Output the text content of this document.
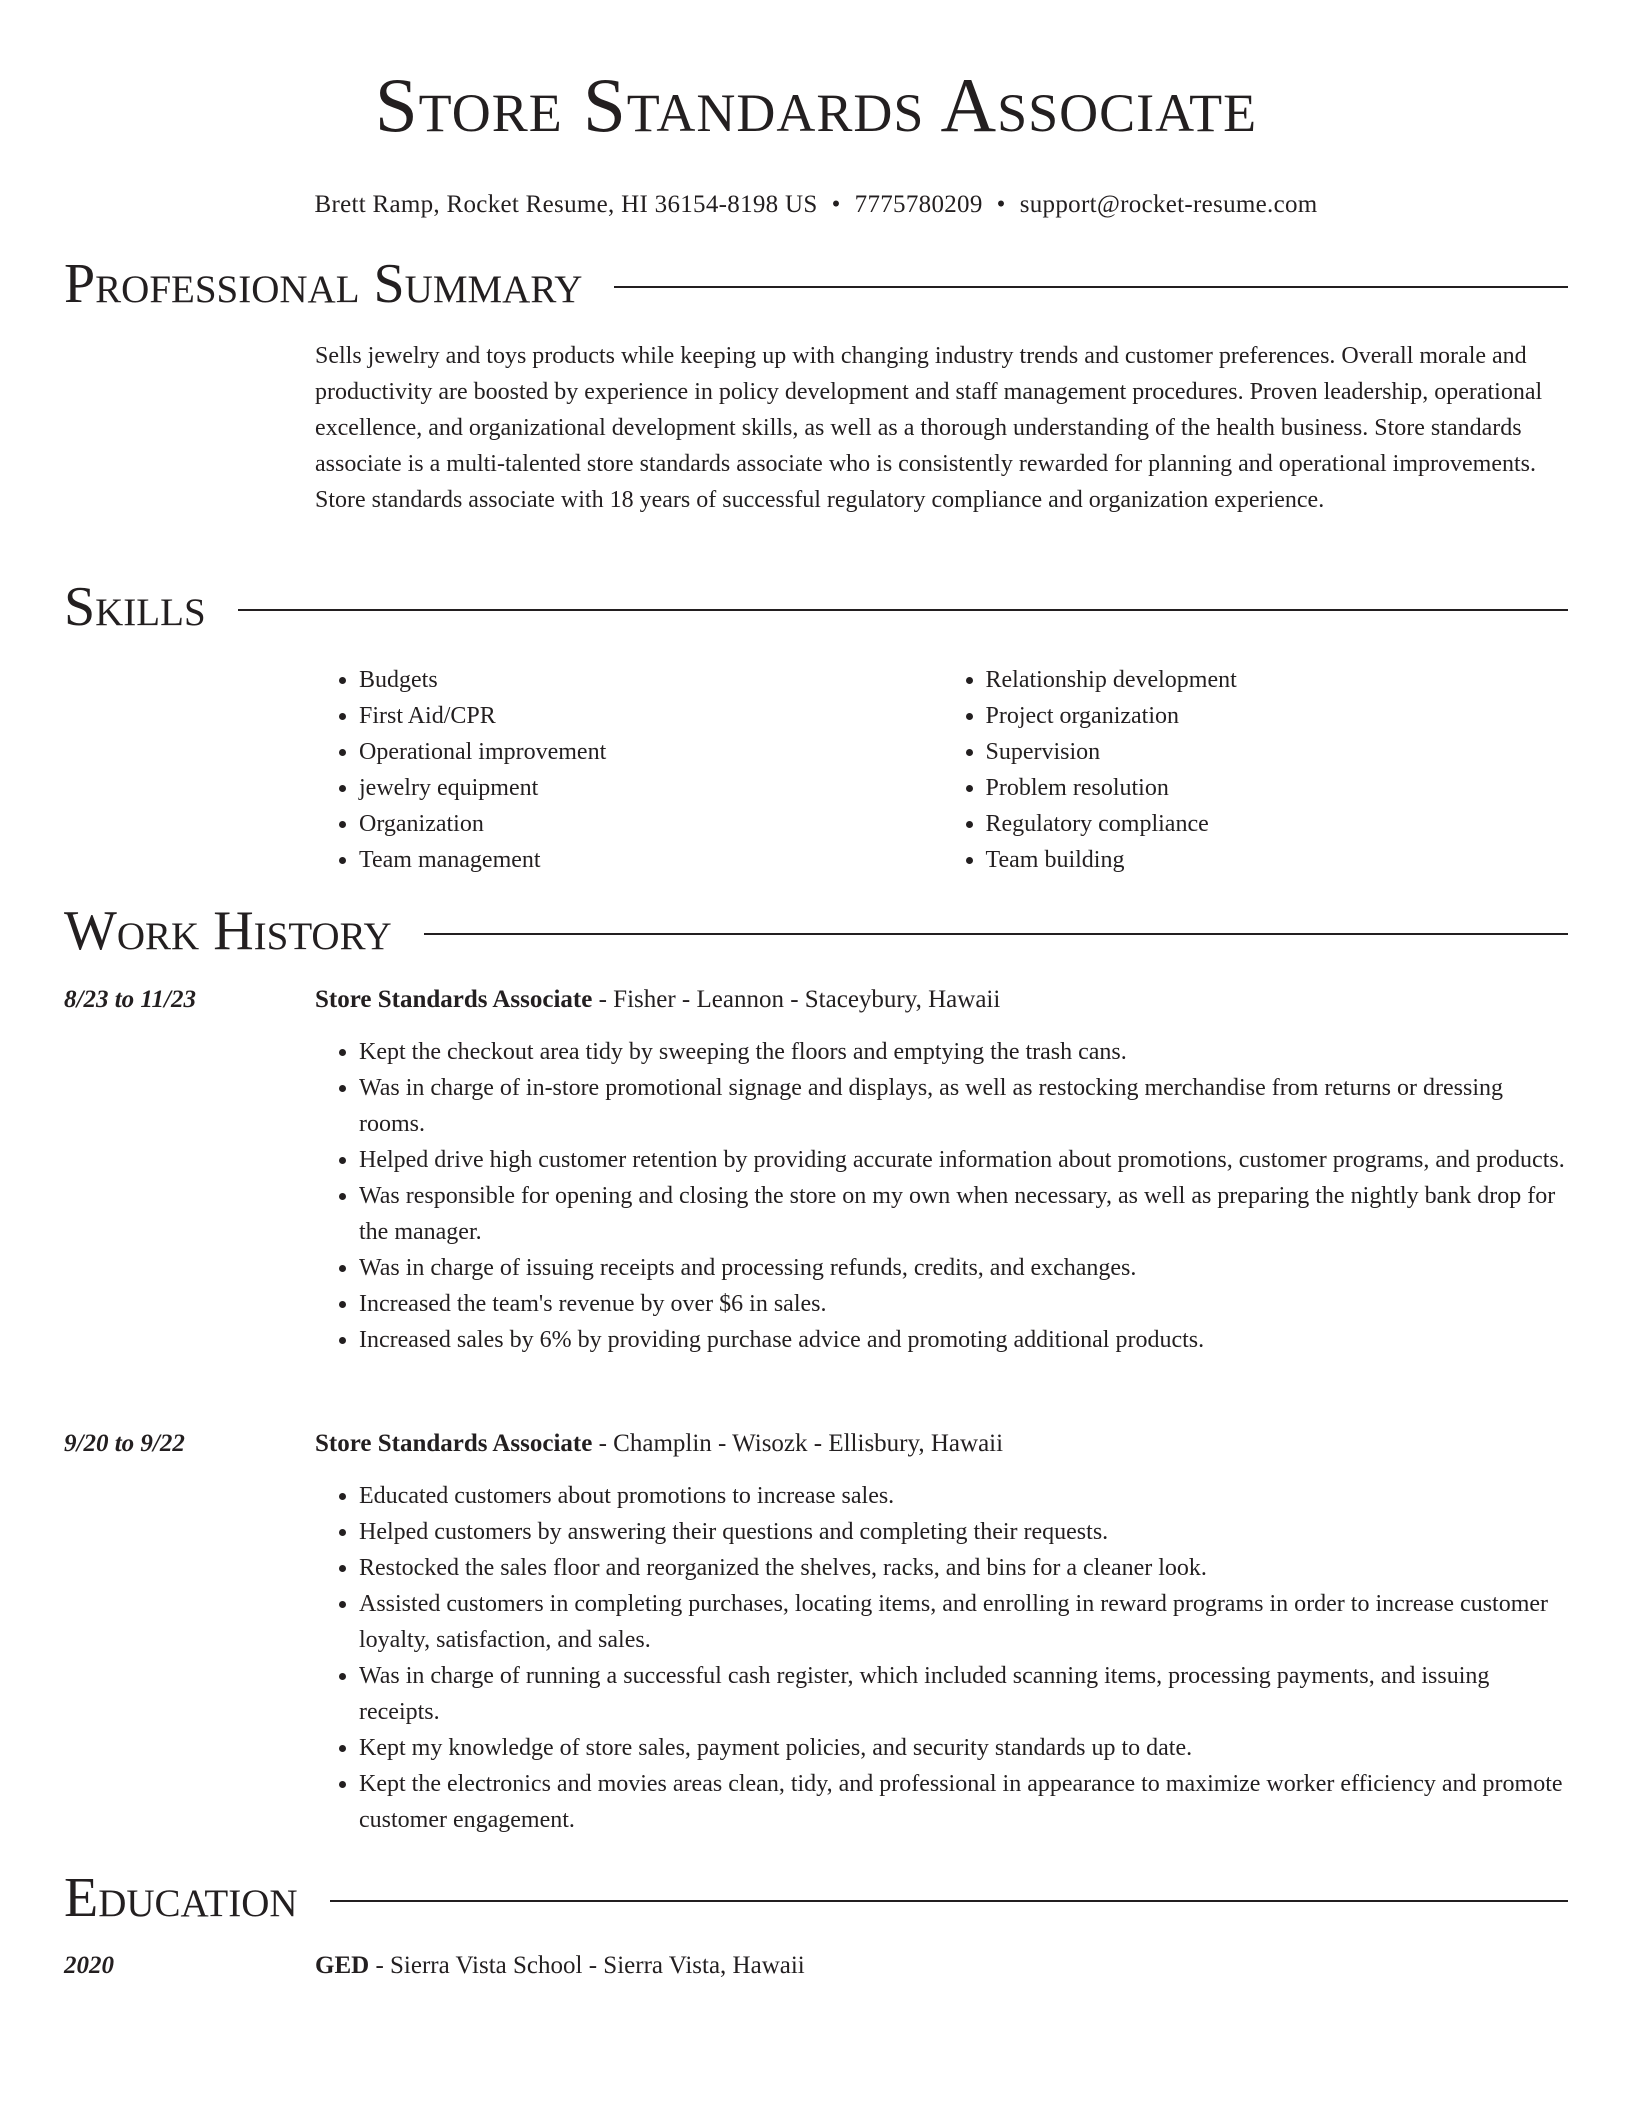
Store Standards Associate
Brett Ramp, Rocket Resume, HI 36154-8198 US • 7775780209 • support@rocket-resume.com
Professional Summary

Sells jewelry and toys products while keeping up with changing industry trends and customer preferences. Overall morale and productivity are boosted by experience in policy development and staff management procedures. Proven leadership, operational excellence, and organizational development skills, as well as a thorough understanding of the health business. Store standards associate is a multi-talented store standards associate who is consistently rewarded for planning and operational improvements. Store standards associate with 18 years of successful regulatory compliance and organization experience.

Skills
• Budgets
• First Aid/CPR
• Operational improvement
• jewelry equipment
• Organization
• Team management
• Relationship development
• Project organization
• Supervision
• Problem resolution
• Regulatory compliance
• Team building
Work History
8/23 to 11/23	Store Standards Associate - Fisher - Leannon - Staceybury, Hawaii
• Kept the checkout area tidy by sweeping the floors and emptying the trash cans.
• Was in charge of in-store promotional signage and displays, as well as restocking merchandise from returns or dressing rooms.
• Helped drive high customer retention by providing accurate information about promotions, customer programs, and products.
• Was responsible for opening and closing the store on my own when necessary, as well as preparing the nightly bank drop for the manager.
• Was in charge of issuing receipts and processing refunds, credits, and exchanges.
• Increased the team's revenue by over $6 in sales.
• Increased sales by 6% by providing purchase advice and promoting additional products.
9/20 to 9/22	Store Standards Associate - Champlin - Wisozk - Ellisbury, Hawaii
• Educated customers about promotions to increase sales.
• Helped customers by answering their questions and completing their requests.
• Restocked the sales floor and reorganized the shelves, racks, and bins for a cleaner look.
• Assisted customers in completing purchases, locating items, and enrolling in reward programs in order to increase customer loyalty, satisfaction, and sales.
• Was in charge of running a successful cash register, which included scanning items, processing payments, and issuing receipts.
• Kept my knowledge of store sales, payment policies, and security standards up to date.
• Kept the electronics and movies areas clean, tidy, and professional in appearance to maximize worker efficiency and promote customer engagement.
Education
2020	GED - Sierra Vista School - Sierra Vista, Hawaii
